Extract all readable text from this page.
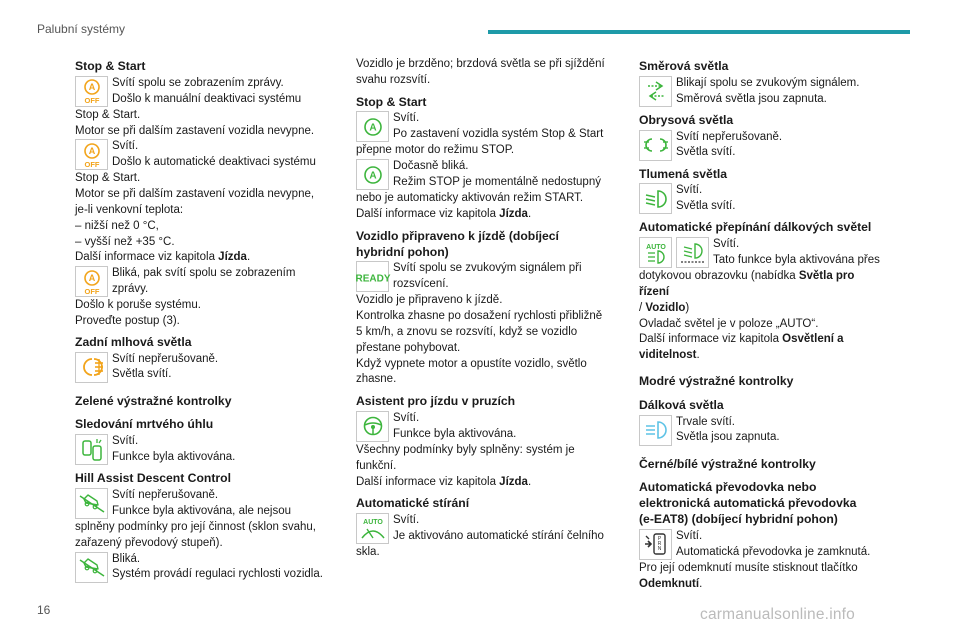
Palubní systémy
Stop & Start
A
OFF
Svítí spolu se zobrazením zprávy.
Došlo k manuální deaktivaci systému
Stop & Start.
Motor se při dalším zastavení vozidla nevypne.
A
OFF
Svítí.
Došlo k automatické deaktivaci systému
Stop & Start.
Motor se při dalším zastavení vozidla nevypne,
je-li venkovní teplota:
– nižší než 0 °C,
– vyšší než +35 °C.
Další informace viz kapitola Jízda.
A
OFF
Bliká, pak svítí spolu se zobrazením
zprávy.
Došlo k poruše systému.
Proveďte postup (3).
Zadní mlhová světla
Svítí nepřerušovaně.
Světla svítí.
Zelené výstražné kontrolky
Sledování mrtvého úhlu
Svítí.
Funkce byla aktivována.
Hill Assist Descent Control
Svítí nepřerušovaně.
Funkce byla aktivována, ale nejsou
splněny podmínky pro její činnost (sklon svahu,
zařazený převodový stupeň).
Bliká.
Systém provádí regulaci rychlosti vozidla.
Vozidlo je brzděno; brzdová světla se při sjíždění
svahu rozsvítí.
Stop & Start
A
Svítí.
Po zastavení vozidla systém Stop & Start
přepne motor do režimu STOP.
A
Dočasně bliká.
Režim STOP je momentálně nedostupný
nebo je automaticky aktivován režim START.
Další informace viz kapitola Jízda.
Vozidlo připraveno k jízdě (dobíjecí
hybridní pohon)
READY
Svítí spolu se zvukovým signálem při
rozsvícení.
Vozidlo je připraveno k jízdě.
Kontrolka zhasne po dosažení rychlosti přibližně
5 km/h, a znovu se rozsvítí, když se vozidlo
přestane pohybovat.
Když vypnete motor a opustíte vozidlo, světlo
zhasne.
Asistent pro jízdu v pruzích
Svítí.
Funkce byla aktivována.
Všechny podmínky byly splněny: systém je
funkční.
Další informace viz kapitola Jízda.
Automatické stírání
AUTO Svítí.
Je aktivováno automatické stírání čelního
skla.
Směrová světla
Blikají spolu se zvukovým signálem.
Směrová světla jsou zapnuta.
Obrysová světla
Svítí nepřerušovaně.
Světla svítí.
Tlumená světla
Svítí.
Světla svítí.
Automatické přepínání dálkových světel
AUTO	Svítí.
Tato funkce byla aktivována přes
dotykovou obrazovku (nabídka Světla pro řízení
/ Vozidlo)
Ovladač světel je v poloze „AUTO“.
Další informace viz kapitola Osvětlení a
viditelnost.
Modré výstražné kontrolky
Dálková světla
Trvale svítí.
Světla jsou zapnuta.
Černé/bílé výstražné kontrolky
Automatická převodovka nebo
elektronická automatická převodovka
(e-EAT8) (dobíjecí hybridní pohon)
P
R
N
Svítí.
Automatická převodovka je zamknutá.
Pro její odemknutí musíte stisknout tlačítko
Odemknutí.
16	carmanualsonline.info
